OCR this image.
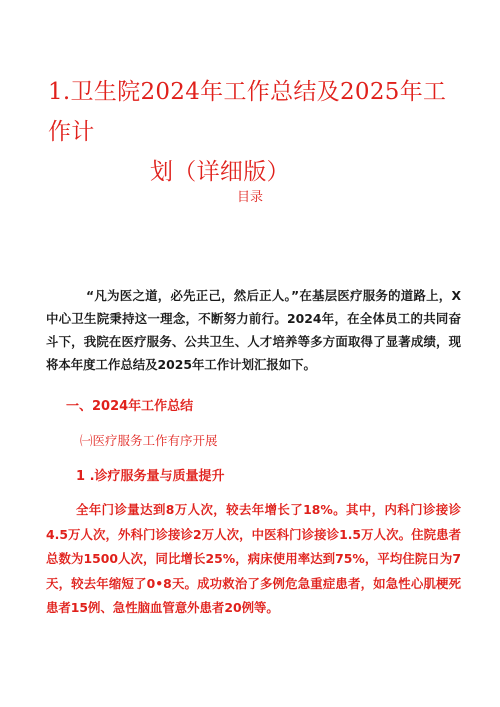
1.卫生院2024年工作总结及2025年工作计
划（详细版）
目录

“凡为医之道，必先正己，然后正人。”在基层医疗服务的道路上，X中心卫生院秉持这一理念，不断努力前行。2024年，在全体员工的共同奋斗下，我院在医疗服务、公共卫生、人才培养等多方面取得了显著成绩，现将本年度工作总结及2025年工作计划汇报如下。

一、2024年工作总结
㈠医疗服务工作有序开展
1 .诊疗服务量与质量提升

全年门诊量达到8万人次，较去年增长了18%。其中，内科门诊接诊4.5万人次，外科门诊接诊2万人次，中医科门诊接诊1.5万人次。住院患者总数为1500人次，同比增长25%，病床使用率达到75%，平均住院日为7天，较去年缩短了0•8天。成功救治了多例危急重症患者，如急性心肌梗死患者15例、急性脑血管意外患者20例等。
